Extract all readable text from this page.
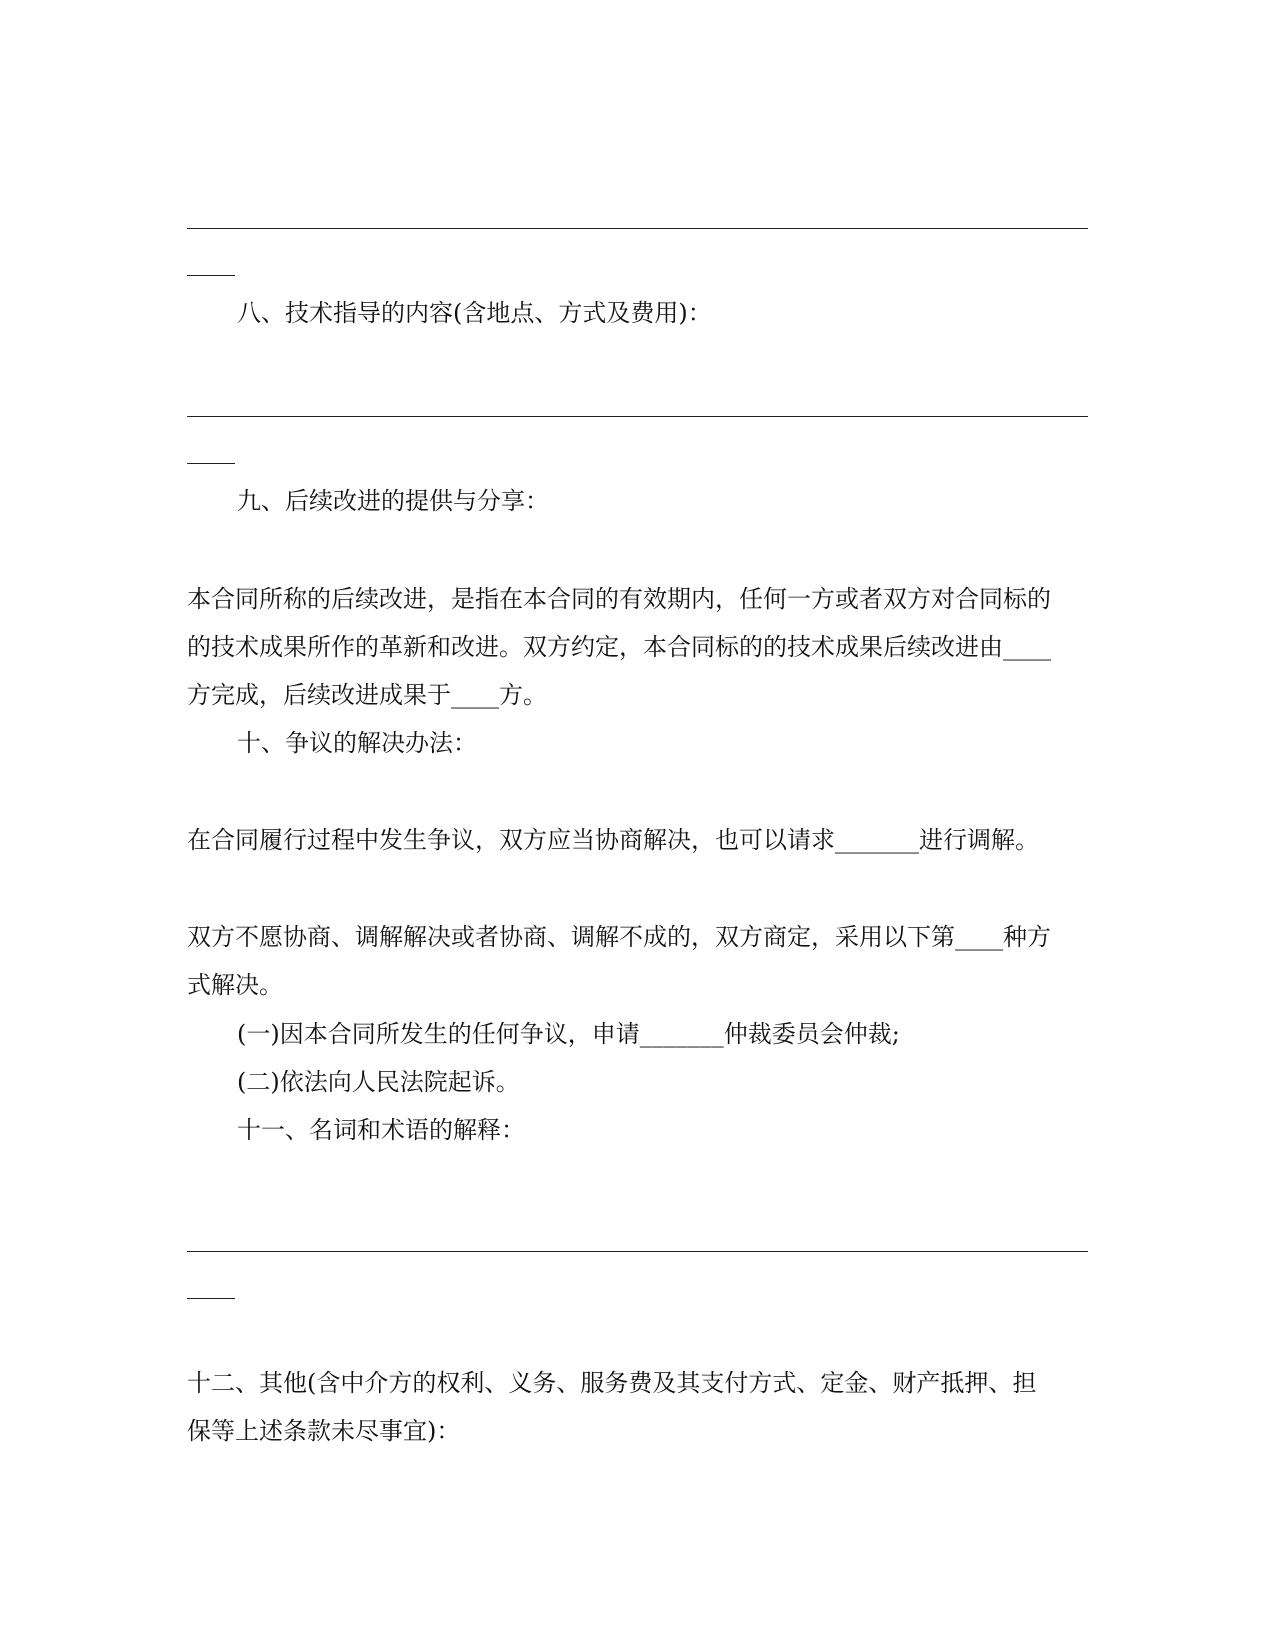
八、技术指导的内容(含地点、方式及费用)：
九、后续改进的提供与分享：
本合同所称的后续改进，是指在本合同的有效期内，任何一方或者双方对合同标的
的技术成果所作的革新和改进。双方约定，本合同标的的技术成果后续改进由____
方完成，后续改进成果于____方。
十、争议的解决办法：
在合同履行过程中发生争议，双方应当协商解决，也可以请求_______进行调解。
双方不愿协商、调解解决或者协商、调解不成的，双方商定，采用以下第____种方
式解决。
(一)因本合同所发生的任何争议，申请_______仲裁委员会仲裁;
(二)依法向人民法院起诉。
十一、名词和术语的解释：
十二、其他(含中介方的权利、义务、服务费及其支付方式、定金、财产抵押、担
保等上述条款未尽事宜)：
